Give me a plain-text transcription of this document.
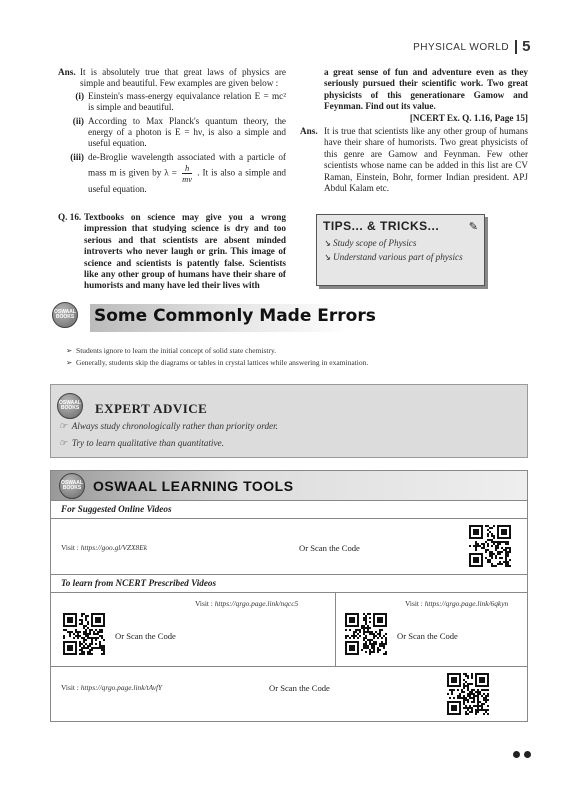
PHYSICAL WORLD 5
Ans. It is absolutely true that great laws of physics are simple and beautiful. Few examples are given below :
(i) Einstein's mass-energy equivalance relation E = mc² is simple and beautiful.
(ii) According to Max Planck's quantum theory, the energy of a photon is E = hν, is also a simple and useful equation.
(iii) de-Broglie wavelength associated with a particle of mass m is given by $\lambda = \frac{h}{mv}$ . It is also a simple and useful equation.
Q. 16. Textbooks on science may give you a wrong impression that studying science is dry and too serious and that scientists are absent minded introverts who never laugh or grin. This image of science and scientists is patently false. Scientists like any other group of humans have their share of humorists and many have led their lives with
a great sense of fun and adventure even as they seriously pursued their scientific work. Two great physicists of this generationare Gamow and Feynman. Find out its value.
[NCERT Ex. Q. 1.16, Page 15]
Ans. It is true that scientists like any other group of humans have their share of humorists. Two great physicists of this genre are Gamow and Feynman. Few other scientists whose name can be added in this list are CV Raman, Einstein, Bohr, former Indian president. APJ Abdul Kalam etc.
TIPS... & TRICKS...	✎
↘ Study scope of Physics
↘ Understand various part of physics
OSWAAL BOOKS Some Commonly Made Errors
➢ Students ignore to learn the initial concept of solid state chemistry.
➢ Generally, students skip the diagrams or tables in crystal lattices while answering in examination.
OSWAAL BOOKS EXPERT ADVICE
☞ Always study chronologically rather than priority order.
☞ Try to learn qualitative than quantitative.
OSWAAL BOOKS OSWAAL LEARNING TOOLS
For Suggested Online Videos
Visit : https://goo.gl/VZX8Ek	Or Scan the Code
To learn from NCERT Prescribed Videos
Visit : https://qrgo.page.link/nqcc5
Or Scan the Code
Visit : https://qrgo.page.link/6qkyn
Or Scan the Code
Visit : https://qrgo.page.link/tAvfY	Or Scan the Code
